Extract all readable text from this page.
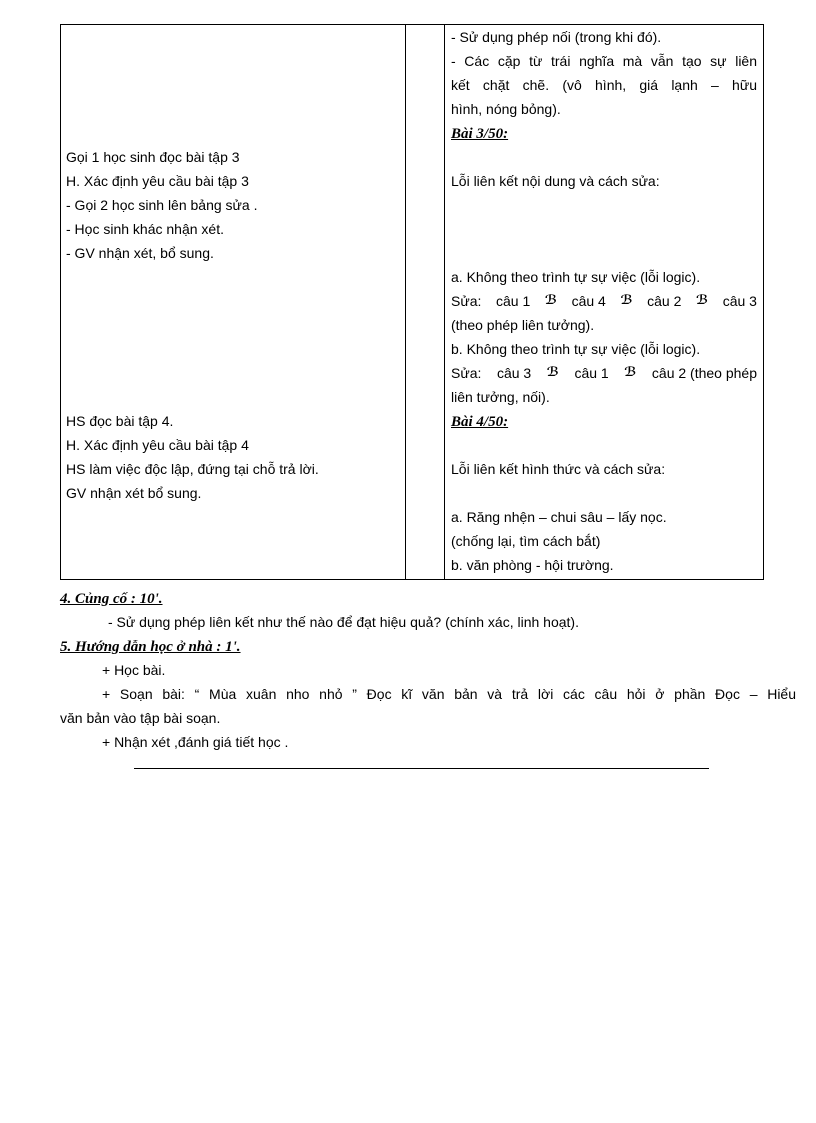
Gọi 1 học sinh đọc bài tập 3
H. Xác định yêu cầu bài tập 3
- Gọi 2 học sinh lên bảng sửa .
- Học sinh khác nhận xét.
- GV nhận xét, bổ sung.
HS đọc bài tập 4.
H. Xác định yêu cầu bài tập 4
HS làm việc độc lập, đứng tại chỗ trả lời.
GV nhận xét bổ sung.
- Sử dụng phép nối (trong khi đó).
- Các cặp từ trái nghĩa mà vẫn tạo sự liên
kết chặt chẽ. (vô hình, giá lạnh – hữu
hình, nóng bỏng).
Bài 3/50:
Lỗi liên kết nội dung và cách sửa:
a. Không theo trình tự sự việc (lỗi logic).
Sửa: câu 1 ℬ câu 4 ℬ câu 2 ℬ câu 3
(theo phép liên tưởng).
b. Không theo trình tự sự việc (lỗi logic).
Sửa: câu 3 ℬ câu 1 ℬ câu 2 (theo phép
liên tưởng, nối).
Bài 4/50:
Lỗi liên kết hình thức và cách sửa:
a. Răng nhện – chui sâu – lấy nọc.
(chống lại, tìm cách bắt)
b. văn phòng - hội trường.
4. Củng cố : 10'.
- Sử dụng phép liên kết như thế nào để đạt hiệu quả? (chính xác, linh hoạt).
5. Hướng dẫn học ở nhà : 1'.
+ Học bài.
+ Soạn bài: “ Mùa xuân nho nhỏ ” Đọc kĩ văn bản và trả lời các câu hỏi ở phần Đọc – Hiểu
văn bản vào tập bài soạn.
+ Nhận xét ,đánh giá tiết học .
